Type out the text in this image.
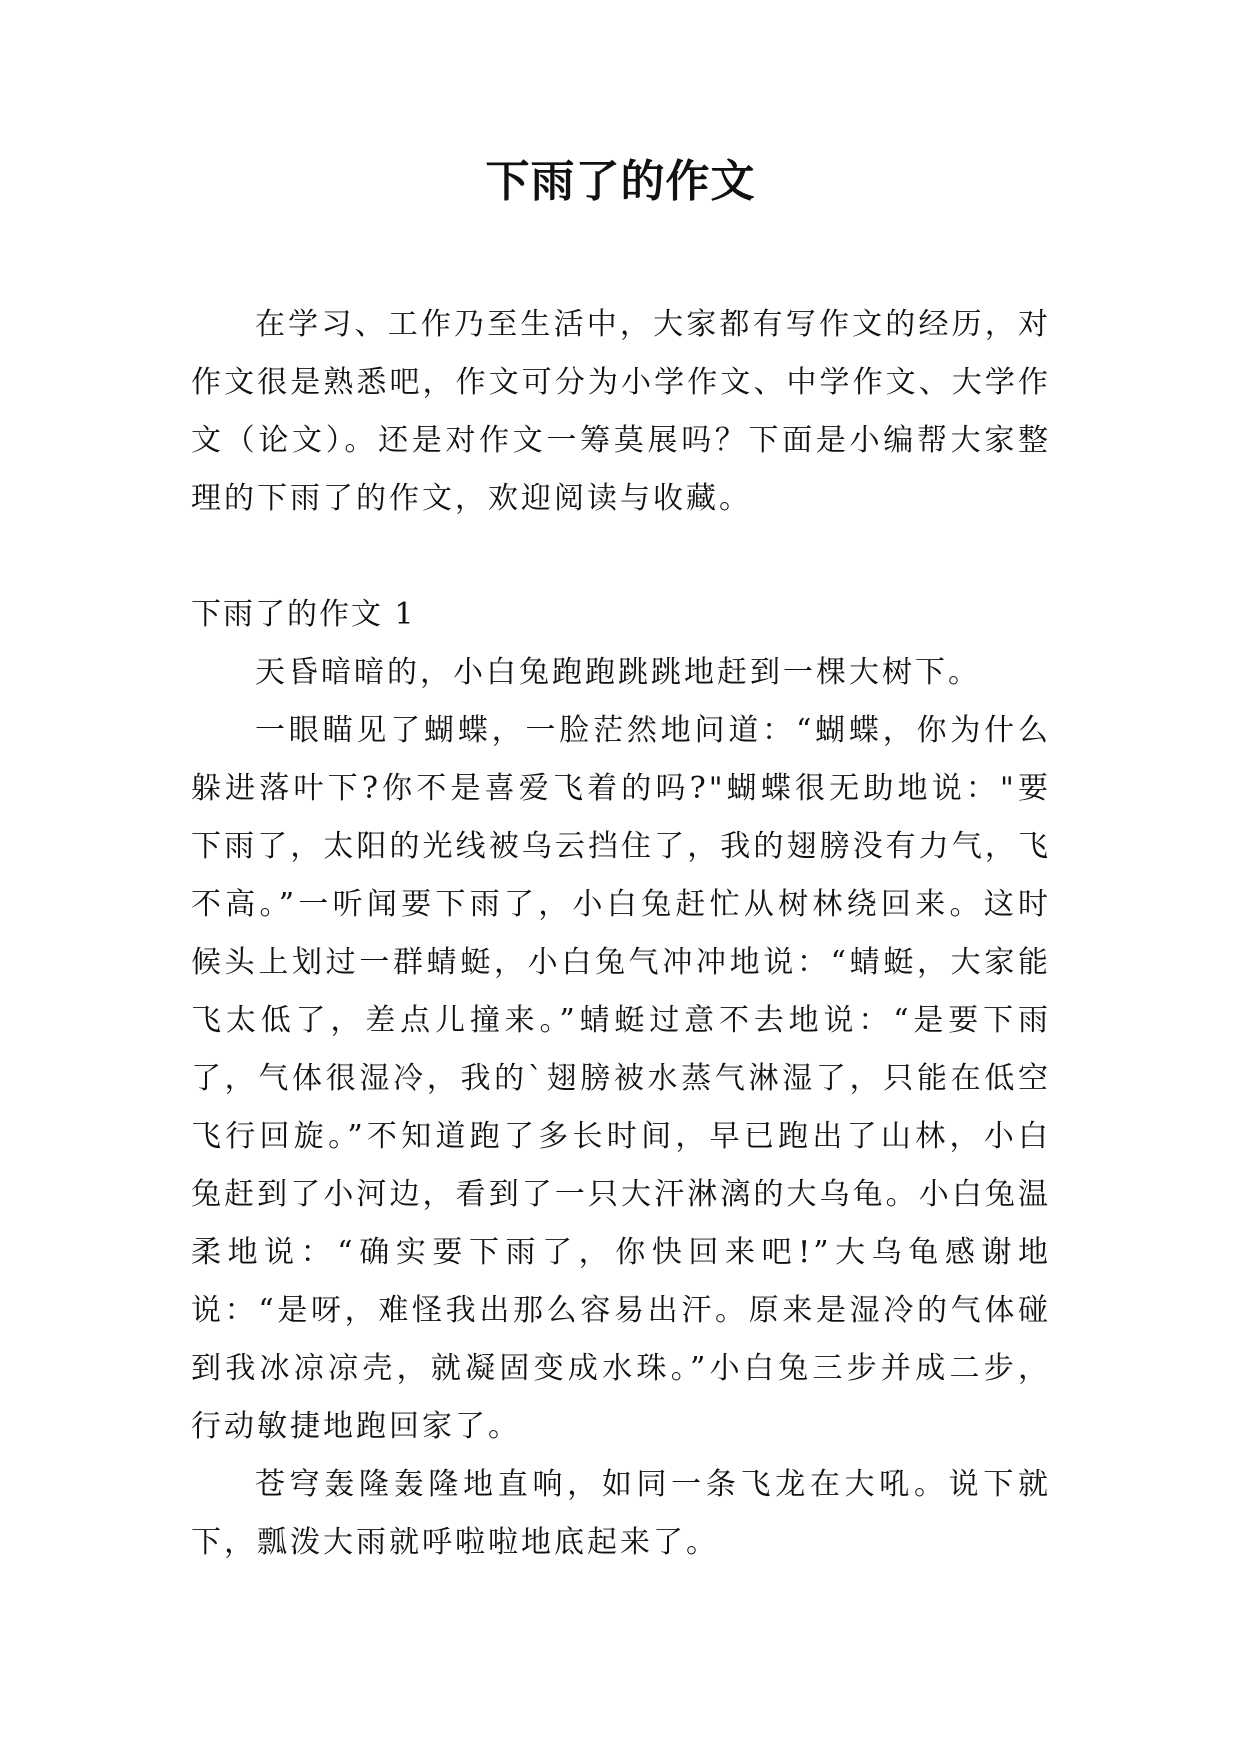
下雨了的作文

在学习、工作乃至生活中，大家都有写作文的经历，对作文很是熟悉吧，作文可分为小学作文、中学作文、大学作文（论文）。还是对作文一筹莫展吗？下面是小编帮大家整理的下雨了的作文，欢迎阅读与收藏。

下雨了的作文 1

天昏暗暗的，小白兔跑跑跳跳地赶到一棵大树下。

一眼瞄见了蝴蝶，一脸茫然地问道：“蝴蝶，你为什么躲进落叶下?你不是喜爱飞着的吗?"蝴蝶很无助地说："要下雨了，太阳的光线被乌云挡住了，我的翅膀没有力气，飞不高。”一听闻要下雨了，小白兔赶忙从树林绕回来。这时候头上划过一群蜻蜓，小白兔气冲冲地说：“蜻蜓，大家能飞太低了，差点儿撞来。”蜻蜓过意不去地说：“是要下雨了，气体很湿冷，我的`翅膀被水蒸气淋湿了，只能在低空飞行回旋。”不知道跑了多长时间，早已跑出了山林，小白兔赶到了小河边，看到了一只大汗淋漓的大乌龟。小白兔温柔地说：“确实要下雨了，你快回来吧!”大乌龟感谢地说：“是呀，难怪我出那么容易出汗。原来是湿冷的气体碰到我冰凉凉壳，就凝固变成水珠。”小白兔三步并成二步，行动敏捷地跑回家了。

苍穹轰隆轰隆地直响，如同一条飞龙在大吼。说下就下，瓢泼大雨就呼啦啦地底起来了。
